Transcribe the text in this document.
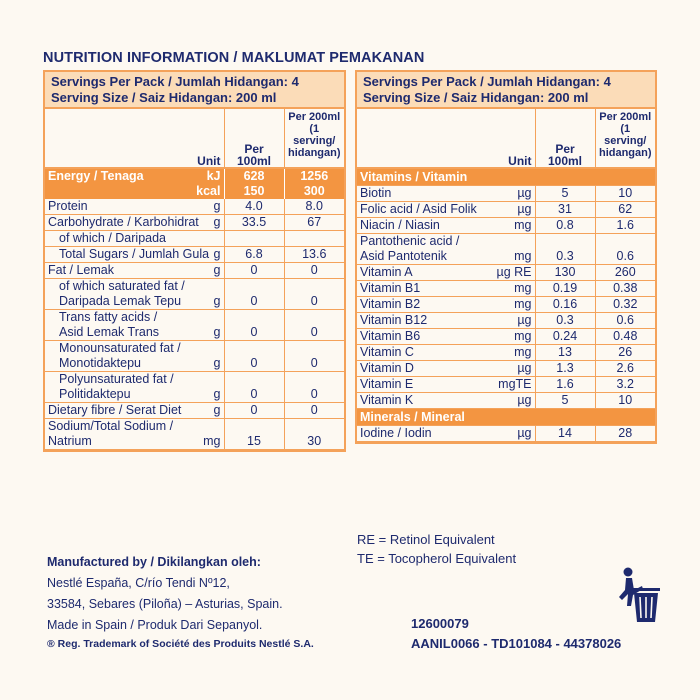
NUTRITION INFORMATION / MAKLUMAT PEMAKANAN
Servings Per Pack / Jumlah Hidangan: 4
Serving Size / Saiz Hidangan: 200 ml
	Unit	Per 100ml	Per 200ml (1 serving/ hidangan)

Energy / Tenaga	kJ	628	1256
	kcal	150	300
Protein	g	4.0	8.0
Carbohydrate / Karbohidrat	g	33.5	67
of which / Daripada			
Total Sugars / Jumlah Gula	g	6.8	13.6
Fat / Lemak	g	0	0
of which saturated fat /			
Daripada Lemak Tepu	g	0	0
Trans fatty acids /			
Asid Lemak Trans	g	0	0
Monounsaturated fat /			
Monotidaktepu	g	0	0
Polyunsaturated fat /			
Politidaktepu	g	0	0
Dietary fibre / Serat Diet	g	0	0
Sodium/Total Sodium /			
Natrium	mg	15	30
Servings Per Pack / Jumlah Hidangan: 4
Serving Size / Saiz Hidangan: 200 ml
	Unit	Per 100ml	Per 200ml (1 serving/ hidangan)

Vitamins / Vitamin			
Biotin	µg	5	10
Folic acid / Asid Folik	µg	31	62
Niacin / Niasin	mg	0.8	1.6
Pantothenic acid /			
Asid Pantotenik	mg	0.3	0.6
Vitamin A	µg RE	130	260
Vitamin B1	mg	0.19	0.38
Vitamin B2	mg	0.16	0.32
Vitamin B12	µg	0.3	0.6
Vitamin B6	mg	0.24	0.48
Vitamin C	mg	13	26
Vitamin D	µg	1.3	2.6
Vitamin E	mgTE	1.6	3.2
Vitamin K	µg	5	10
Minerals / Mineral			
Iodine / Iodin	µg	14	28
RE = Retinol Equivalent
TE = Tocopherol Equivalent
Manufactured by / Dikilangkan oleh:
Nestlé España, C/río Tendi Nº12,
33584, Sebares (Piloña) – Asturias, Spain.
Made in Spain / Produk Dari Sepanyol.
® Reg. Trademark of Société des Produits Nestlé S.A.
12600079
AANIL0066 - TD101084 - 44378026
